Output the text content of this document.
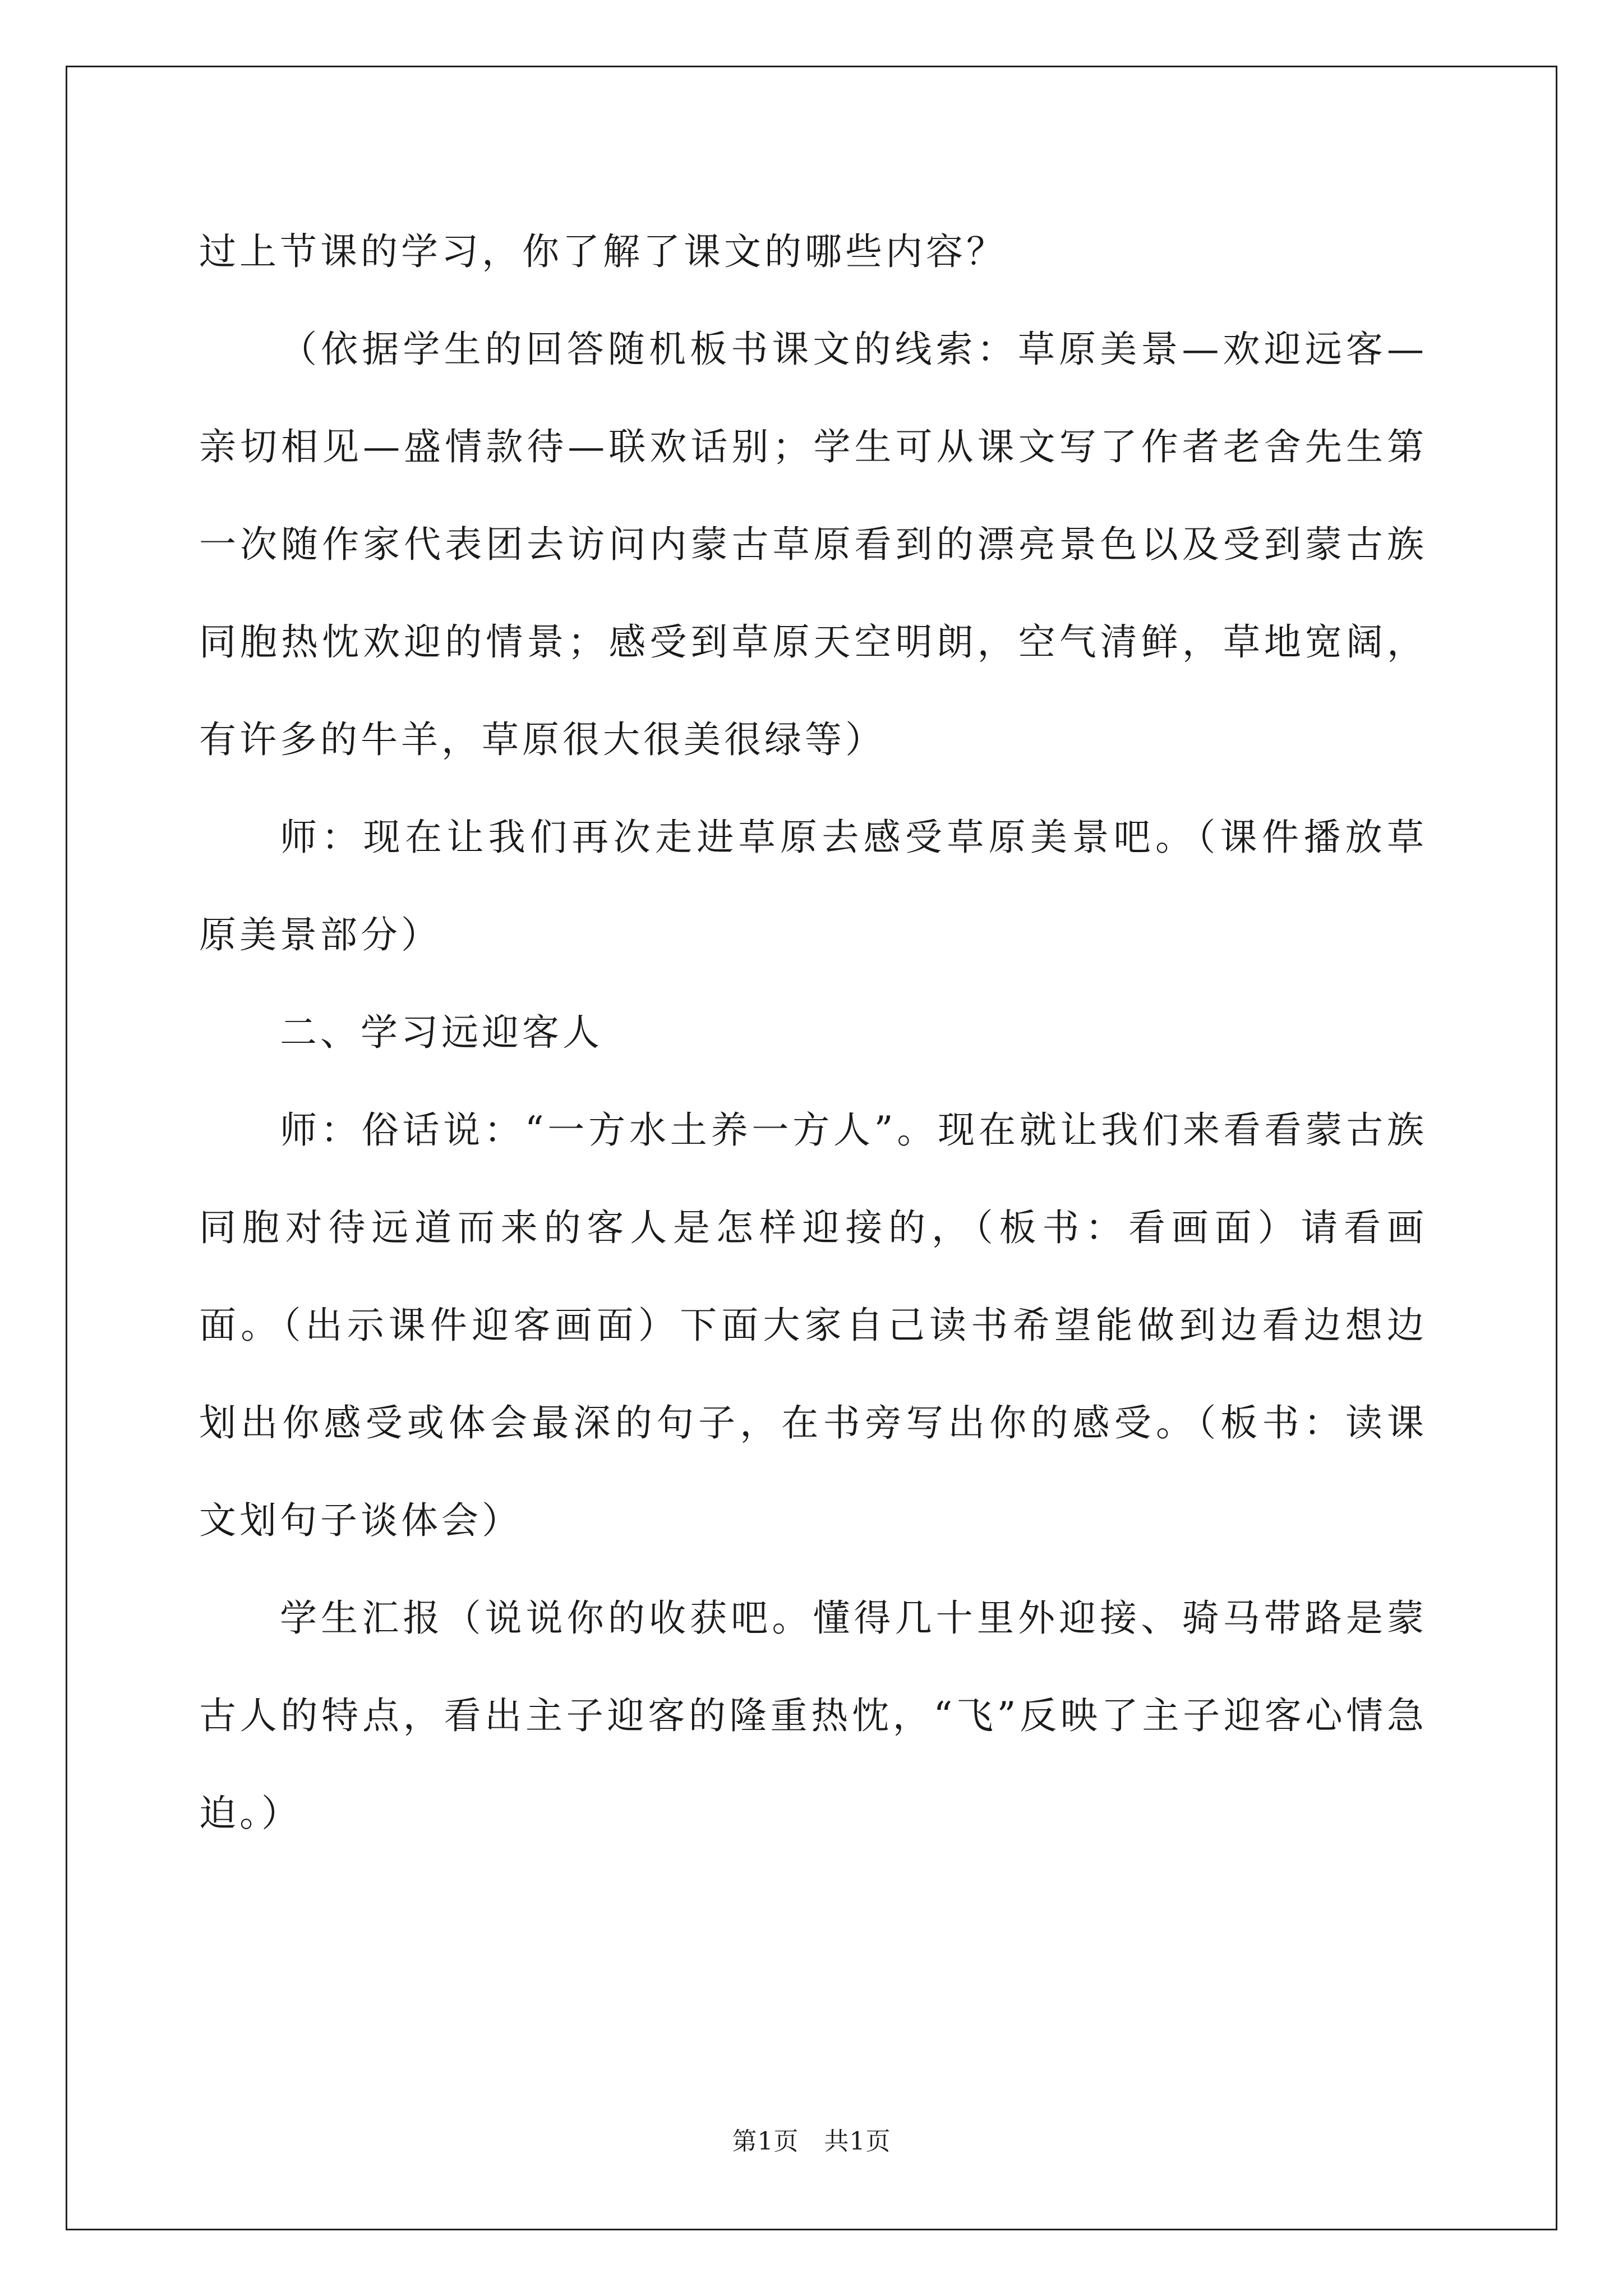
过上节课的学习，你了解了课文的哪些内容？

（依据学生的回答随机板书课文的线索：草原美景—欢迎远客—亲切相见—盛情款待—联欢话别；学生可从课文写了作者老舍先生第一次随作家代表团去访问内蒙古草原看到的漂亮景色以及受到蒙古族同胞热忱欢迎的情景；感受到草原天空明朗，空气清鲜，草地宽阔，有许多的牛羊，草原很大很美很绿等）

师：现在让我们再次走进草原去感受草原美景吧。（课件播放草原美景部分）

二、学习远迎客人

师：俗话说：“一方水土养一方人”。现在就让我们来看看蒙古族同胞对待远道而来的客人是怎样迎接的，（板书：看画面）请看画面。（出示课件迎客画面）下面大家自己读书希望能做到边看边想边划出你感受或体会最深的句子，在书旁写出你的感受。（板书：读课文划句子谈体会）

学生汇报（说说你的收获吧。懂得几十里外迎接、骑马带路是蒙古人的特点，看出主子迎客的隆重热忱，“飞”反映了主子迎客心情急迫。）

第1页　共1页
